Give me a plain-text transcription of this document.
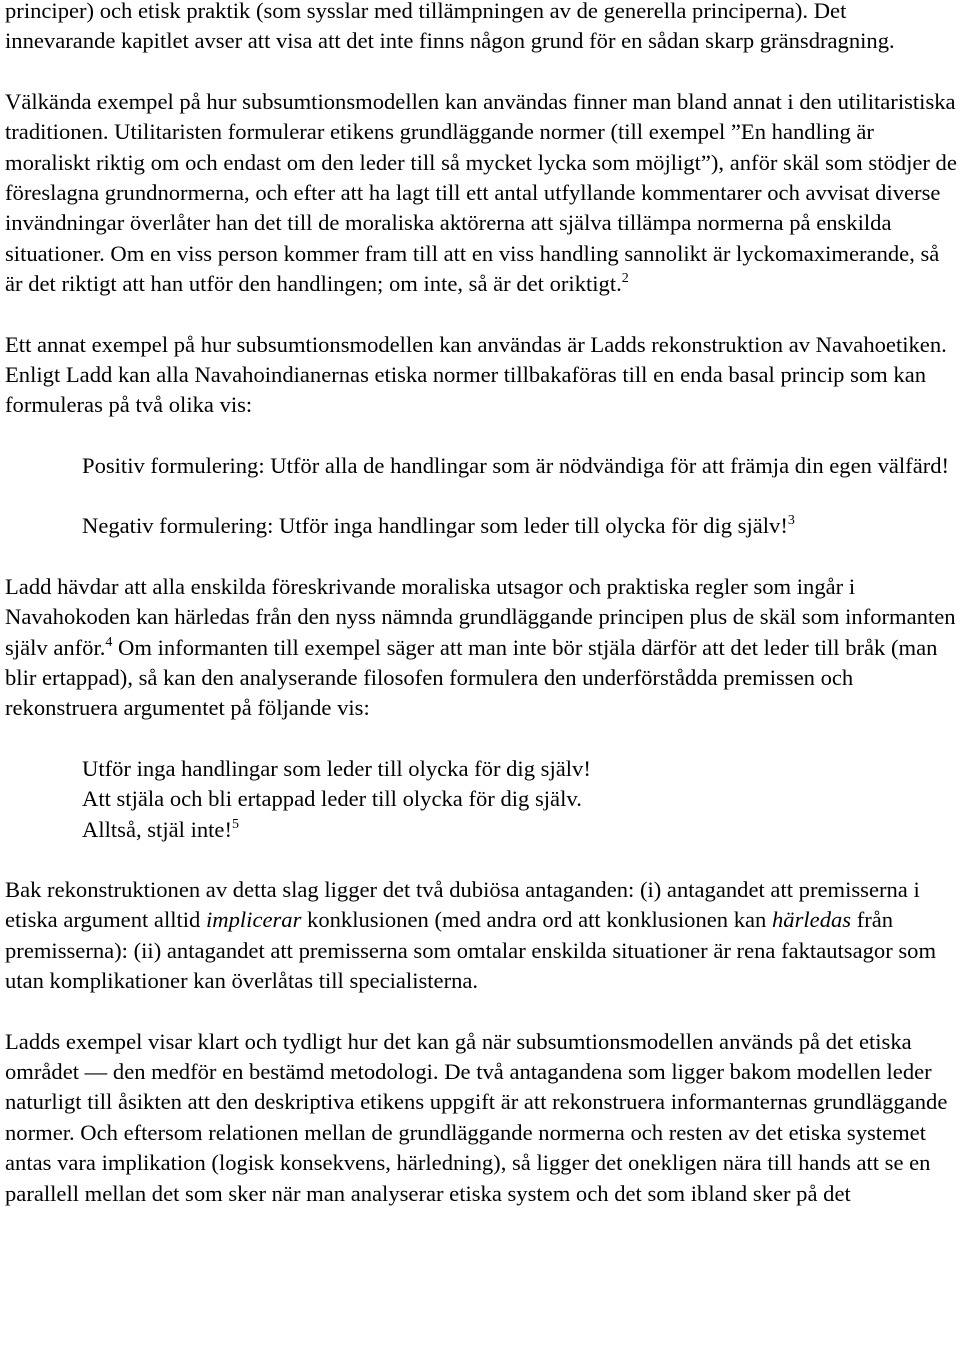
principer) och etisk praktik (som sysslar med tillämpningen av de generella principerna). Det innevarande kapitlet avser att visa att det inte finns någon grund för en sådan skarp gränsdragning.

Välkända exempel på hur subsumtionsmodellen kan användas finner man bland annat i den utilitaristiska traditionen. Utilitaristen formulerar etikens grundläggande normer (till exempel ”En handling är moraliskt riktig om och endast om den leder till så mycket lycka som möjligt”), anför skäl som stödjer de föreslagna grundnormerna, och efter att ha lagt till ett antal utfyllande kommentarer och avvisat diverse invändningar överlåter han det till de moraliska aktörerna att själva tillämpa normerna på enskilda situationer. Om en viss person kommer fram till att en viss handling sannolikt är lyckomaximerande, så är det riktigt att han utför den handlingen; om inte, så är det oriktigt.$^2$

Ett annat exempel på hur subsumtionsmodellen kan användas är Ladds rekonstruktion av Navahoetiken. Enligt Ladd kan alla Navahoindianernas etiska normer tillbakaföras till en enda basal princip som kan formuleras på två olika vis:

Positiv formulering: Utför alla de handlingar som är nödvändiga för att främja din egen välfärd!

Negativ formulering: Utför inga handlingar som leder till olycka för dig själv!$^3$

Ladd hävdar att alla enskilda föreskrivande moraliska utsagor och praktiska regler som ingår i Navahokoden kan härledas från den nyss nämnda grundläggande principen plus de skäl som informanten själv anför.$^4$ Om informanten till exempel säger att man inte bör stjäla därför att det leder till bråk (man blir ertappad), så kan den analyserande filosofen formulera den underförstådda premissen och rekonstruera argumentet på följande vis:

Utför inga handlingar som leder till olycka för dig själv!
Att stjäla och bli ertappad leder till olycka för dig själv.
Alltså, stjäl inte!$^5$

Bak rekonstruktionen av detta slag ligger det två dubiösa antaganden: (i) antagandet att premisserna i etiska argument alltid implicerar konklusionen (med andra ord att konklusionen kan härledas från premisserna): (ii) antagandet att premisserna som omtalar enskilda situationer är rena faktautsagor som utan komplikationer kan överlåtas till specialisterna.

Ladds exempel visar klart och tydligt hur det kan gå när subsumtionsmodellen används på det etiska området — den medför en bestämd metodologi. De två antagandena som ligger bakom modellen leder naturligt till åsikten att den deskriptiva etikens uppgift är att rekonstruera informanternas grundläggande normer. Och eftersom relationen mellan de grundläggande normerna och resten av det etiska systemet antas vara implikation (logisk konsekvens, härledning), så ligger det onekligen nära till hands att se en parallell mellan det som sker när man analyserar etiska system och det som ibland sker på det
